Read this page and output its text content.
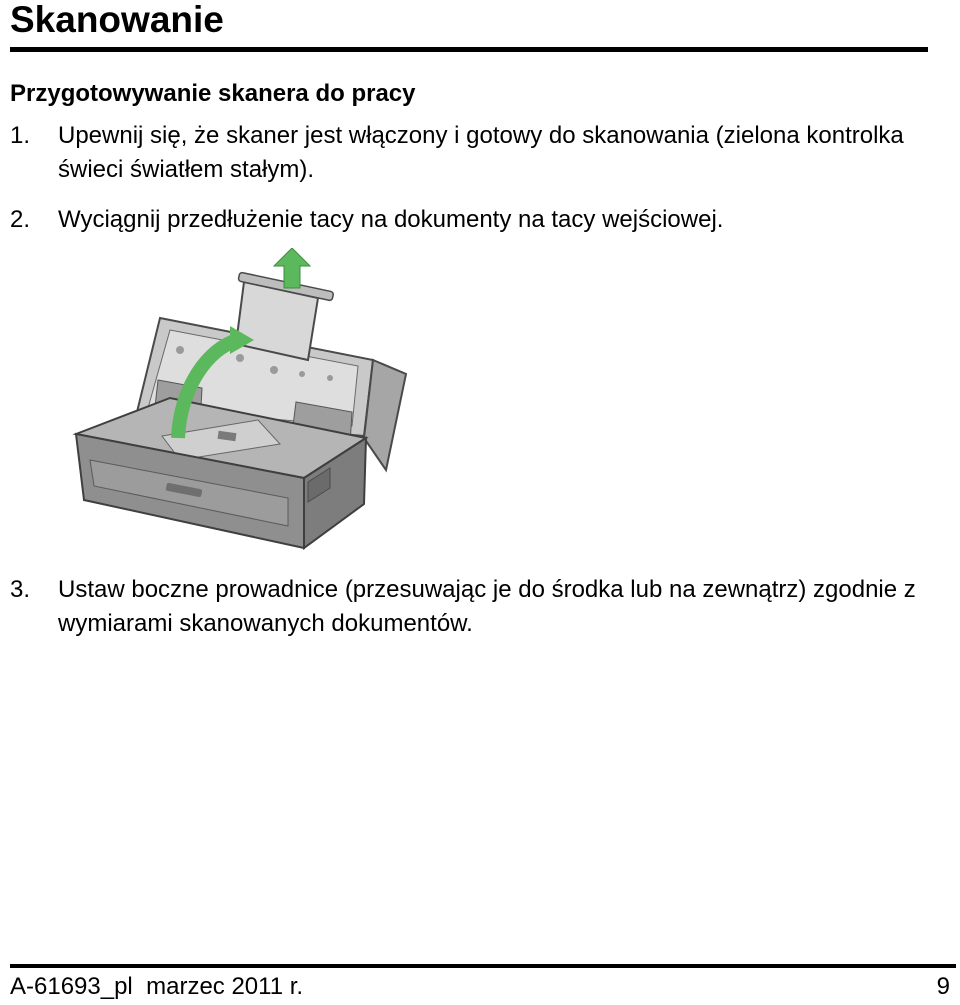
Skanowanie
Przygotowywanie skanera do pracy
1. Upewnij się, że skaner jest włączony i gotowy do skanowania (zielona kontrolka świeci światłem stałym).
2. Wyciągnij przedłużenie tacy na dokumenty na tacy wejściowej.
3. Ustaw boczne prowadnice (przesuwając je do środka lub na zewnątrz) zgodnie z wymiarami skanowanych dokumentów.
A-61693_pl marzec 2011 r.	9
